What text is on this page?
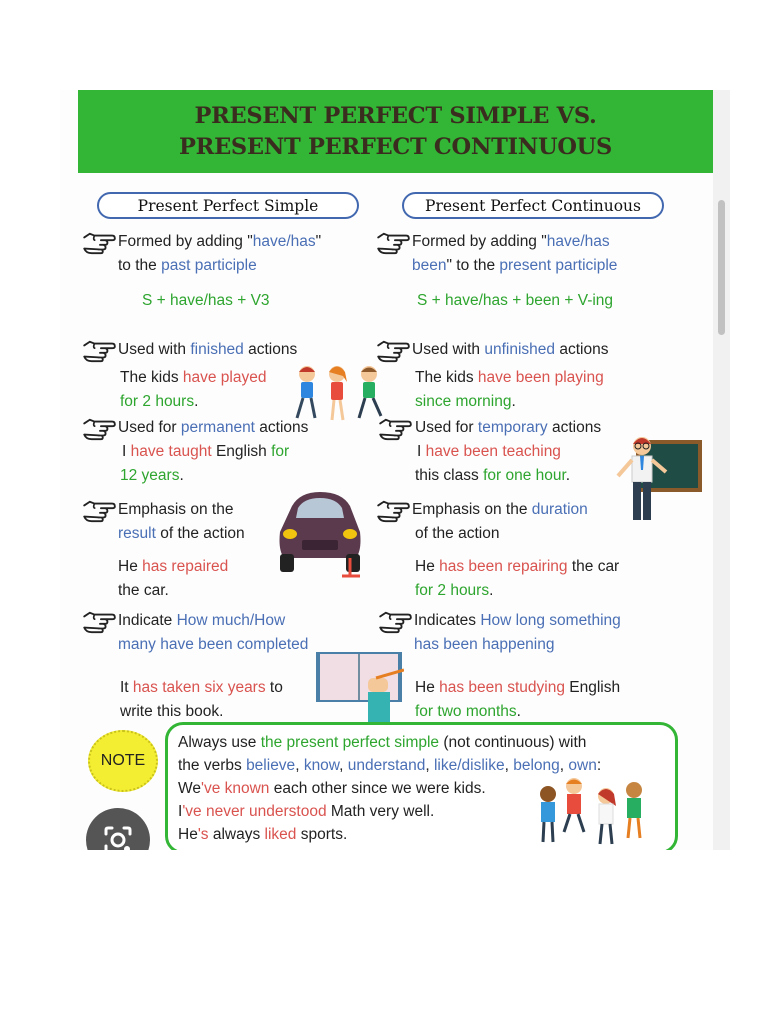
PRESENT PERFECT SIMPLE VS.
PRESENT PERFECT CONTINUOUS
Present Perfect Simple	Present Perfect Continuous
Formed by adding "have/has"
to the past participle
S + have/has + V3
Formed by adding "have/has
been" to the present participle
S + have/has + been + V-ing
Used with finished actions
The kids have played
for 2 hours.
Used with unfinished actions
The kids have been playing
since morning.
Used for permanent actions
I have taught English for
12 years.
Used for temporary actions
I have been teaching
this class for one hour.
Emphasis on the
result of the action
He has repaired
the car.
Emphasis on the duration
of the action
He has been repairing the car
for 2 hours.
Indicate How much/How
many have been completed
It has taken six years to
write this book.
Indicates How long something
has been happening
He has been studying English
for two months.
NOTE
Always use the present perfect simple (not continuous) with
the verbs believe, know, understand, like/dislike, belong, own:
We've known each other since we were kids.
I've never understood Math very well.
He's always liked sports.
